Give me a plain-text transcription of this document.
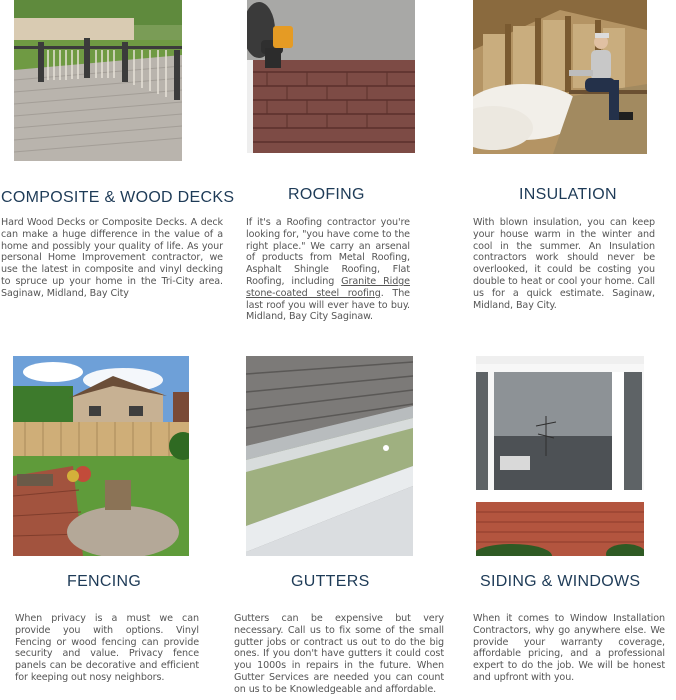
COMPOSITE & WOOD DECKS
Hard Wood Decks or Composite Decks. A deck can make a huge difference in the value of a home and possibly your quality of life. As your personal Home Improvement contractor, we use the latest in composite and vinyl decking to spruce up your home in the Tri-City area. Saginaw, Midland, Bay City
ROOFING
If it's a Roofing contractor you're looking for, "you have come to the right place." We carry an arsenal of products from Metal Roofing, Asphalt Shingle Roofing, Flat Roofing, including Granite Ridge stone-coated steel roofing. The last roof you will ever have to buy. Midland, Bay City Saginaw.
INSULATION
With blown insulation, you can keep your house warm in the winter and cool in the summer. An Insulation contractors work should never be overlooked, it could be costing you double to heat or cool your home. Call us for a quick estimate. Saginaw, Midland, Bay City.
FENCING
When privacy is a must we can provide you with options. Vinyl Fencing or wood fencing can provide security and value. Privacy fence panels can be decorative and efficient for keeping out nosy neighbors.
GUTTERS
Gutters can be expensive but very necessary. Call us to fix some of the small gutter jobs or contract us out to do the big ones. If you don't have gutters it could cost you 1000s in repairs in the future. When Gutter Services are needed you can count on us to be Knowledgeable and affordable.
SIDING & WINDOWS
When it comes to Window Installation Contractors, why go anywhere else. We provide your warranty coverage, affordable pricing, and a professional expert to do the job. We will be honest and upfront with you.
